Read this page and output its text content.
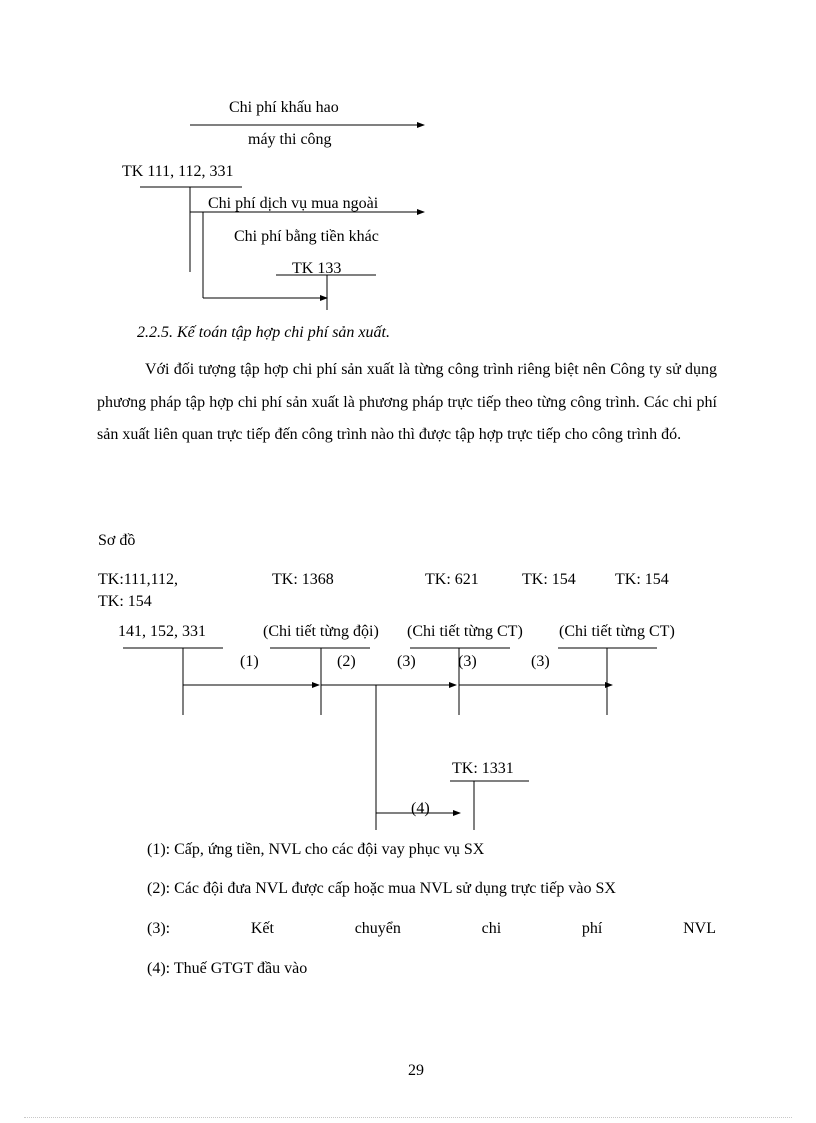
Chi phí khấu hao
máy thi công
TK 111, 112, 331
Chi phí dịch vụ mua ngoài
Chi phí bằng tiền khác
TK 133
2.2.5. Kế toán tập hợp chi phí sản xuất.
Với đối tượng tập hợp chi phí sản xuất là từng công trình riêng biệt nên Công ty sử dụng phương pháp tập hợp chi phí sản xuất là phương pháp trực tiếp theo từng công trình. Các chi phí sản xuất liên quan trực tiếp đến công trình nào thì được tập hợp trực tiếp cho công trình đó.
Sơ đồ
TK:111,112,	TK: 1368	TK: 621	TK: 154 TK: 154
TK: 154
141, 152, 331	(Chi tiết từng đội) (Chi tiết từng CT) (Chi tiết từng CT)
(1)	(2)	(3)	(3)	(3)
TK: 1331
(4)
(1): Cấp, ứng tiền, NVL cho các đội vay phục vụ SX
(2): Các đội đưa NVL được cấp hoặc mua NVL sử dụng trực tiếp vào SX
(3):	Kết	chuyển	chi	phí	NVL
(4): Thuế GTGT đầu vào
29
